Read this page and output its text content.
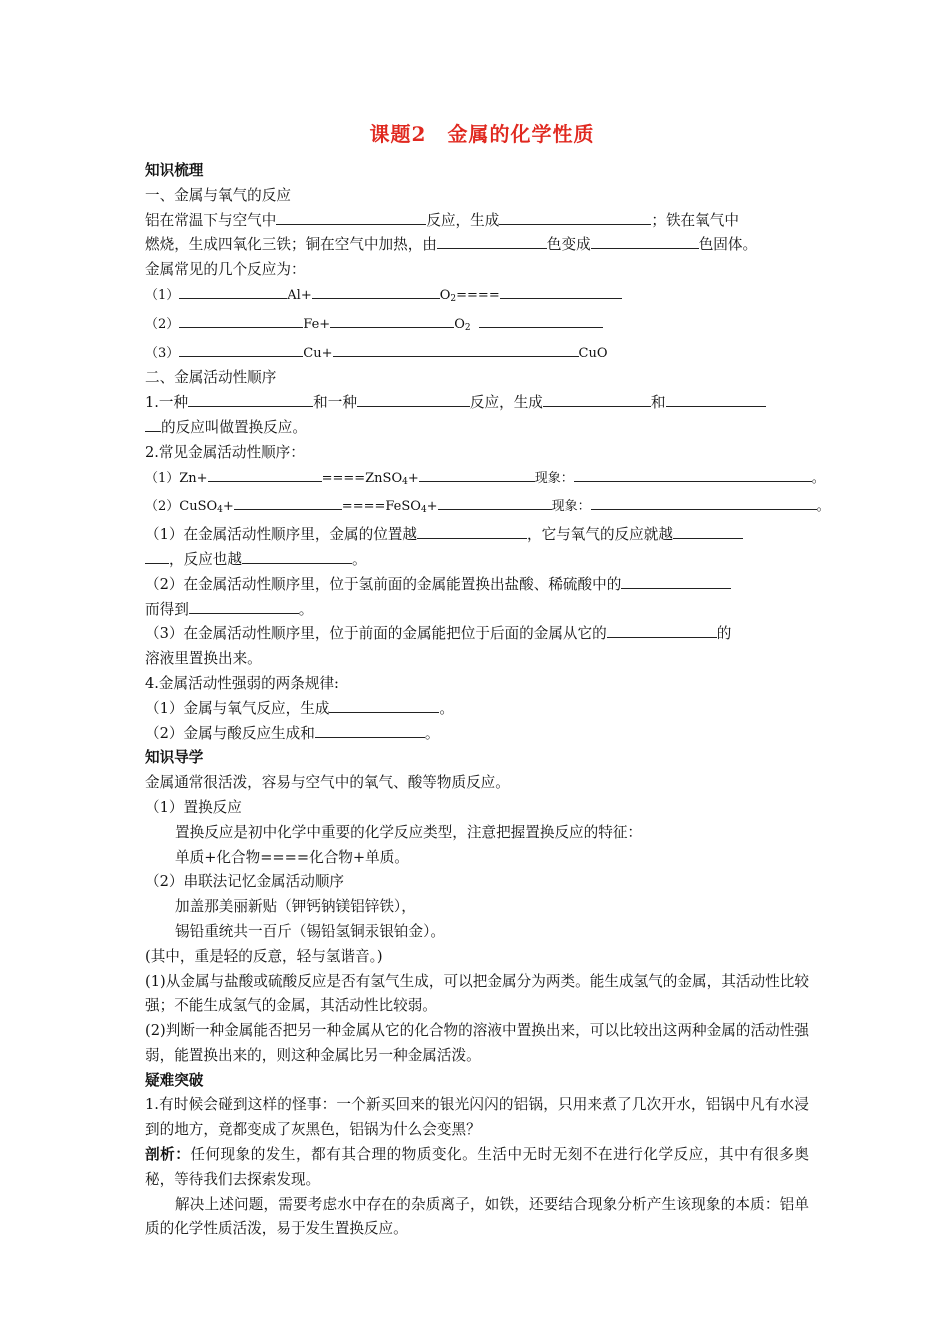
课题2　金属的化学性质
知识梳理
一、金属与氧气的反应
铝在常温下与空气中	反应，生成	；铁在氧气中
燃烧，生成四氧化三铁；铜在空气中加热，由	色变成	色固体。
金属常见的几个反应为：
（1）	Al+	$O_2====$
（2）	Fe+	$O_2$
（3）	Cu+	CuO
二、金属活动性顺序
1.一种	和一种	反应，生成	和
的反应叫做置换反应。
2.常见金属活动性顺序：
（1）Zn+	====ZnSO$_4$+	现象：	。
（2）CuSO$_4$+	====FeSO$_4$+	现象：	。
（1）在金属活动性顺序里，金属的位置越	，它与氧气的反应就越
，反应也越	。
（2）在金属活动性顺序里，位于氢前面的金属能置换出盐酸、稀硫酸中的
而得到	。
（3）在金属活动性顺序里，位于前面的金属能把位于后面的金属从它的	的
溶液里置换出来。
4.金属活动性强弱的两条规律:
（1）金属与氧气反应，生成	。
（2）金属与酸反应生成和	。
知识导学
金属通常很活泼，容易与空气中的氧气、酸等物质反应。
（1）置换反应
置换反应是初中化学中重要的化学反应类型，注意把握置换反应的特征：
单质+化合物====化合物+单质。
（2）串联法记忆金属活动顺序
加盖那美丽新贴（钾钙钠镁铝锌铁），
锡铅重统共一百斤（锡铅氢铜汞银铂金）。
(其中，重是轻的反意，轻与氢谐音。)
(1)从金属与盐酸或硫酸反应是否有氢气生成，可以把金属分为两类。能生成氢气的金属，其活动性比较强；不能生成氢气的金属，其活动性比较弱。
(2)判断一种金属能否把另一种金属从它的化合物的溶液中置换出来，可以比较出这两种金属的活动性强弱，能置换出来的，则这种金属比另一种金属活泼。
疑难突破
1.有时候会碰到这样的怪事：一个新买回来的银光闪闪的铝锅，只用来煮了几次开水，铝锅中凡有水浸到的地方，竟都变成了灰黑色，铝锅为什么会变黑？
剖析：任何现象的发生，都有其合理的物质变化。生活中无时无刻不在进行化学反应，其中有很多奥秘，等待我们去探索发现。
解决上述问题，需要考虑水中存在的杂质离子，如铁，还要结合现象分析产生该现象的本质：铝单质的化学性质活泼，易于发生置换反应。
